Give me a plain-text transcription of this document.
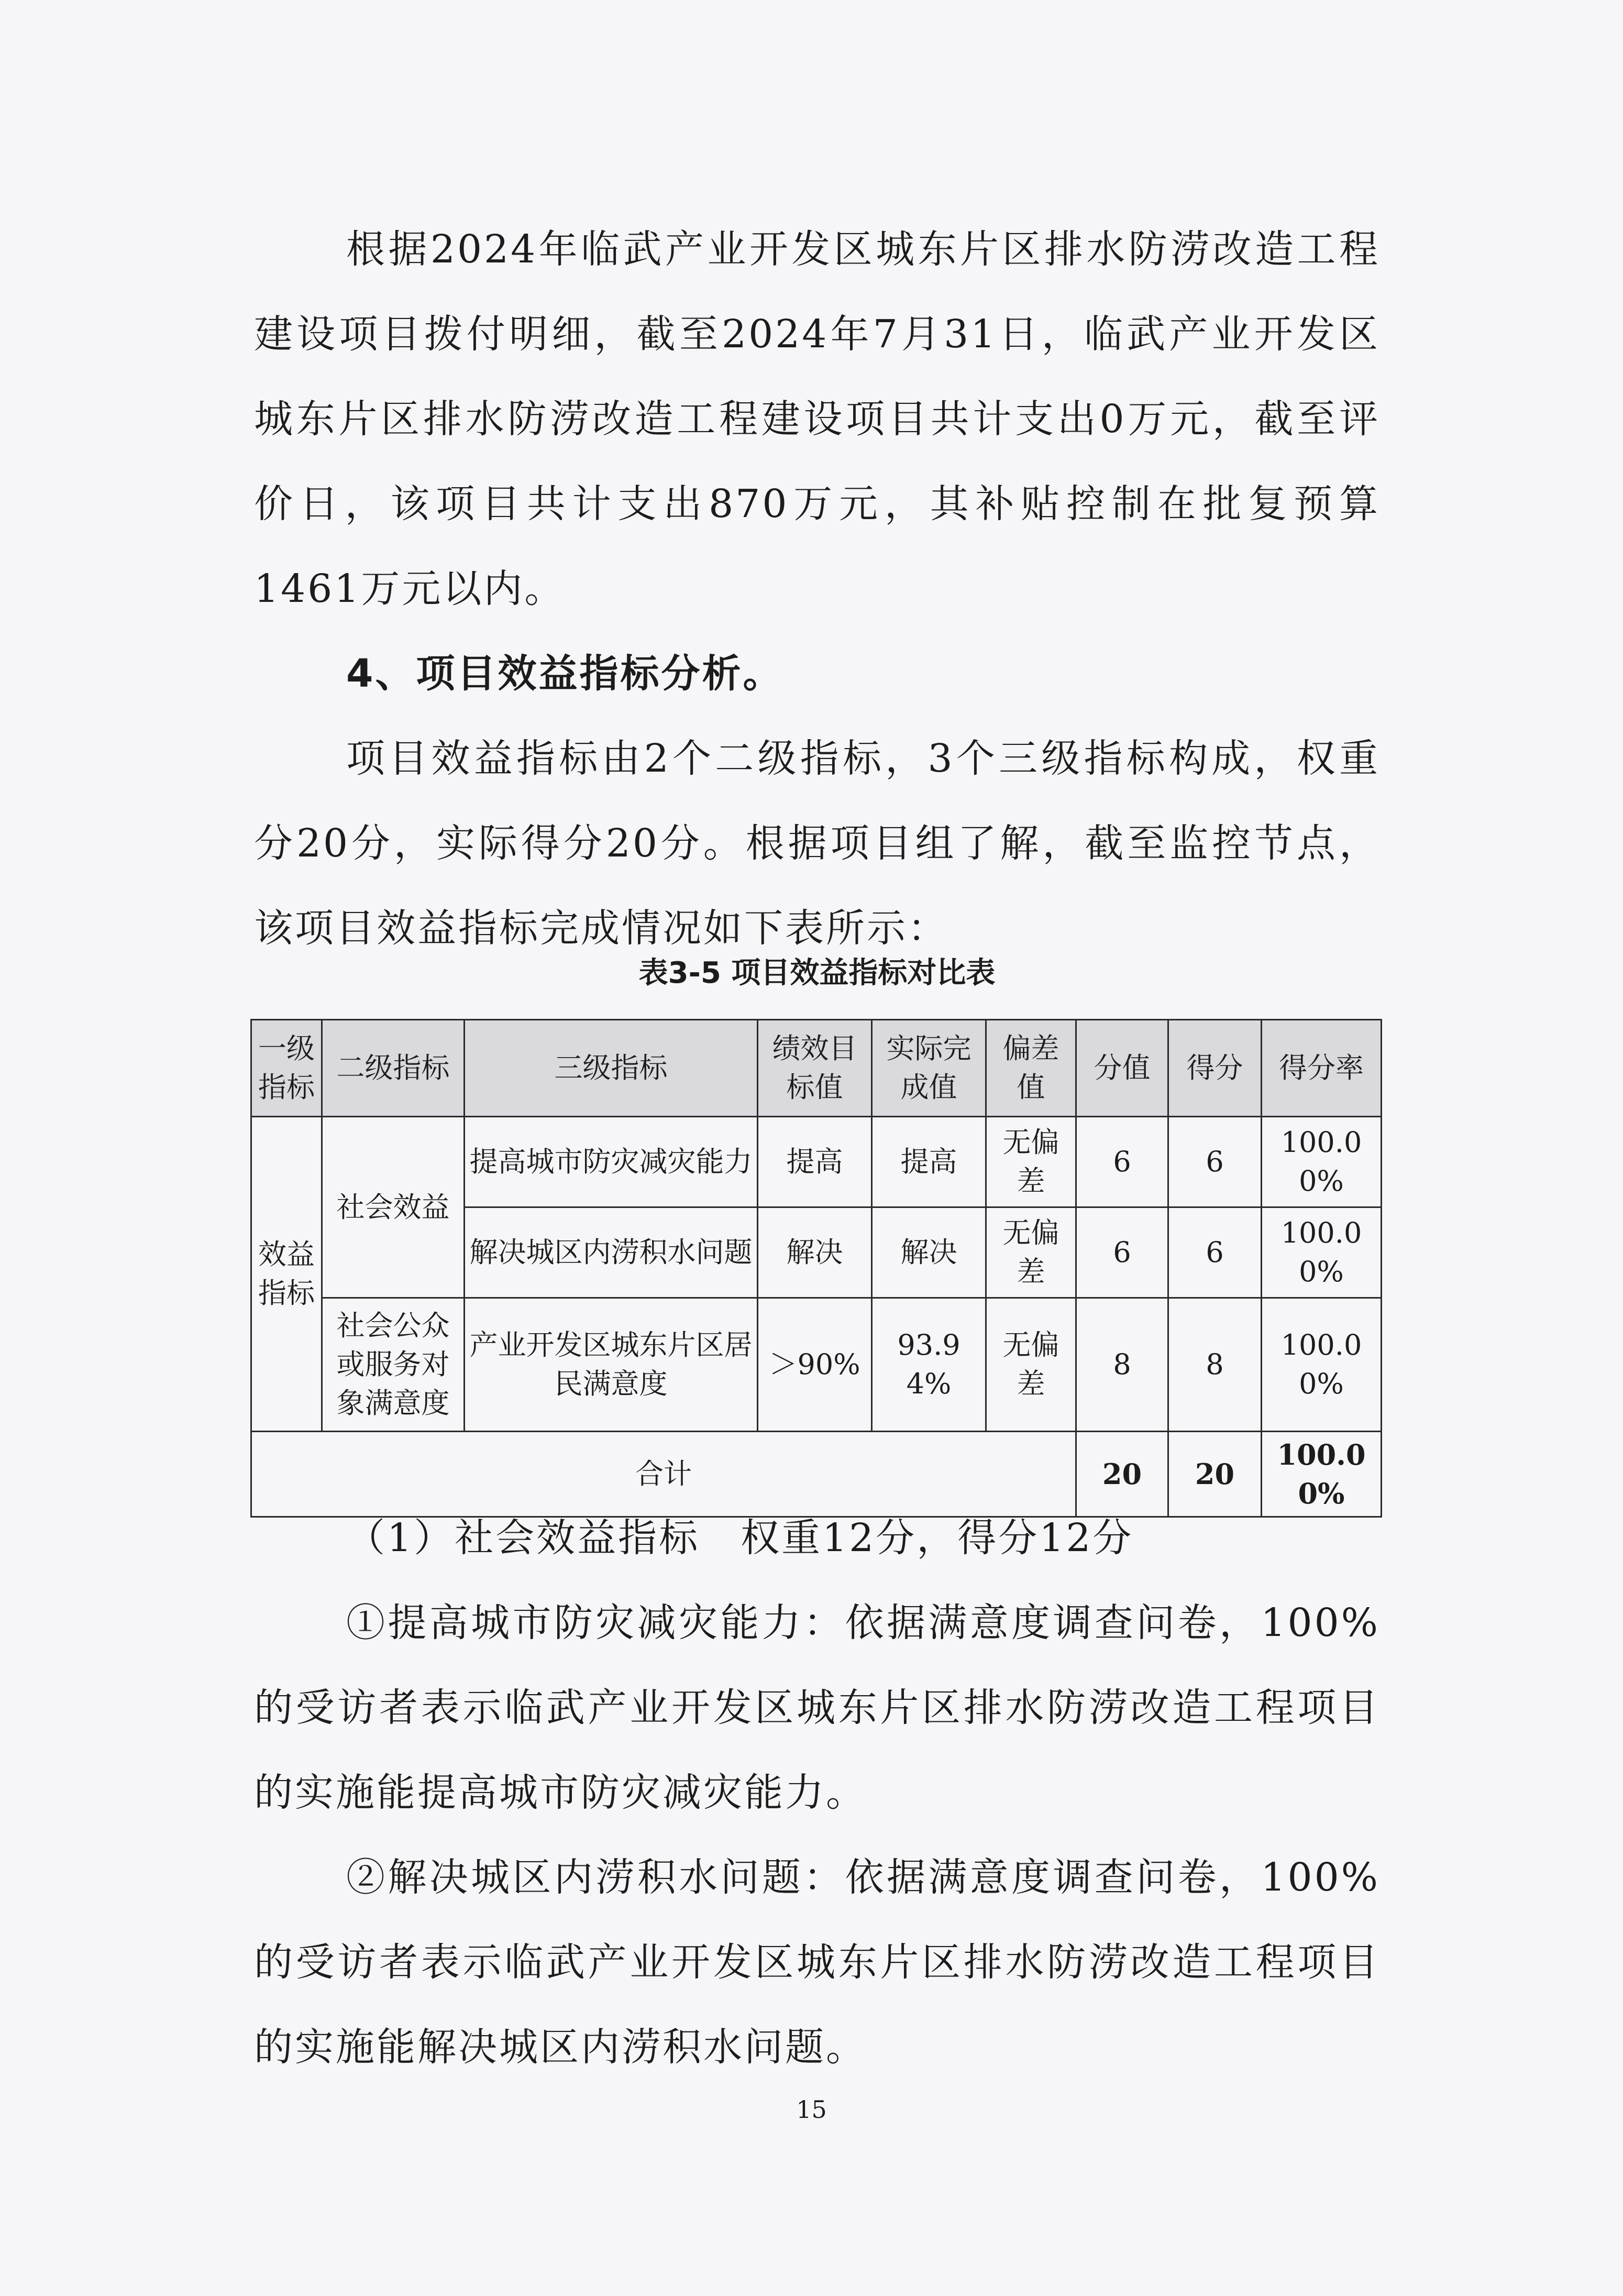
根据2024年临武产业开发区城东片区排水防涝改造工程建设项目拨付明细，截至2024年7月31日，临武产业开发区城东片区排水防涝改造工程建设项目共计支出0万元，截至评价日，该项目共计支出870万元，其补贴控制在批复预算1461万元以内。

4、项目效益指标分析。

项目效益指标由2个二级指标，3个三级指标构成，权重分20分，实际得分20分。根据项目组了解，截至监控节点，该项目效益指标完成情况如下表所示：

表3-5 项目效益指标对比表

一级指标	二级指标	三级指标	绩效目标值	实际完成值	偏差值	分值	得分	得分率
效益指标	社会效益	提高城市防灾减灾能力	提高	提高	无偏差	6	6	100.00%
		解决城区内涝积水问题	解决	解决	无偏差	6	6	100.00%
	社会公众或服务对象满意度	产业开发区城东片区居民满意度	＞90%	93.94%	无偏差	8	8	100.00%
合计						20	20	100.00%

（1）社会效益指标　权重12分，得分12分

①提高城市防灾减灾能力：依据满意度调查问卷，100%的受访者表示临武产业开发区城东片区排水防涝改造工程项目的实施能提高城市防灾减灾能力。

②解决城区内涝积水问题：依据满意度调查问卷，100%的受访者表示临武产业开发区城东片区排水防涝改造工程项目的实施能解决城区内涝积水问题。

15
